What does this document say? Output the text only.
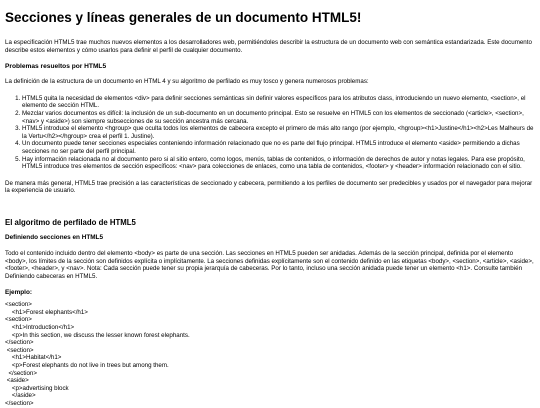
Secciones y líneas generales de un documento HTML5!

La especificación HTML5 trae muchos nuevos elementos a los desarrolladores web, permitiéndoles describir la estructura de un documento web con semántica estandarizada. Este documento describe estos elementos y cómo usarlos para definir el perfil de cualquier documento.

Problemas resueltos por HTML5

La definición de la estructura de un documento en HTML 4 y su algoritmo de perfilado es muy tosco y genera numerosos problemas:

1. HTML5 quita la necesidad de elementos <div> para definir secciones semánticas sin definir valores específicos para los atributos class, introduciendo un nuevo elemento, <section>, el elemento de sección HTML.
2. Mezclar varios documentos es difícil: la inclusión de un sub-documento en un documento principal. Esto se resuelve en HTML5 con los elementos de seccionado (<article>, <section>, <nav> y <aside>) son siempre subsecciones de su sección ancestra más cercana.
3. HTML5 introduce el elemento <hgroup> que oculta todos los elementos de cabecera excepto el primero de más alto rango (por ejemplo, <hgroup><h1>Justine</h1><h2>Les Malheurs de la Vertu</h2></hgroup> crea el perfil 1. Justine).
4. Un documento puede tener secciones especiales conteniendo información relacionado que no es parte del flujo principal. HTML5 introduce el elemento <aside> permitiendo a dichas secciones no ser parte del perfil principal.
5. Hay información relacionada no al documento pero si al sitio entero, como logos, menús, tablas de contenidos, o información de derechos de autor y notas legales. Para ese propósito, HTML5 introduce tres elementos de sección específicos: <nav> para colecciones de enlaces, como una tabla de contenidos, <footer> y <header> información relacionado con el sitio.

De manera más general, HTML5 trae precisión a las características de seccionado y cabecera, permitiendo a los perfiles de documento ser predecibles y usados por el navegador para mejorar la experiencia de usuario.

El algoritmo de perfilado de HTML5
Definiendo secciones en HTML5

Todo el contenido incluido dentro del elemento <body> es parte de una sección. Las secciones en HTML5 pueden ser anidadas. Además de la sección principal, definida por el elemento <body>, los límites de la sección son definidos explícita o implícitamente. La secciones definidas explícitamente son el contenido definido en las etiquetas <body>, <section>, <article>, <aside>, <footer>, <header>, y <nav>. Nota: Cada sección puede tener su propia jerarquía de cabeceras. Por lo tanto, incluso una sección anidada puede tener un elemento <h1>. Consulte también Definiendo cabeceras en HTML5.

Ejemplo:
<section>
<h1>Forest elephants</h1>
<section>
<h1>Introduction</h1>
<p>In this section, we discuss the lesser known forest elephants.
</section>
<section>
<h1>Habitat</h1>
<p>Forest elephants do not live in trees but among them.
</section>
<aside>
<p>advertising block
</aside>
</section>
